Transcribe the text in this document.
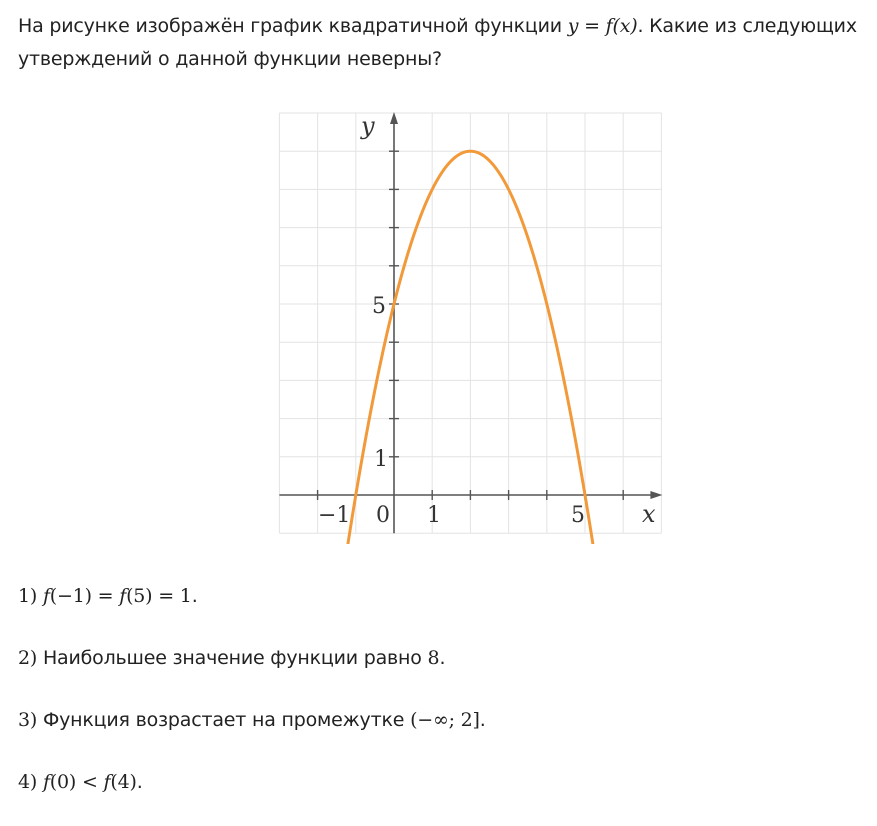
На рисунке изображён график квадратичной функции y = f(x). Какие из следующих утверждений о данной функции неверны?
y
x
−1 0 1	5
5
1
1) f(−1) = f(5) = 1.
2) Наибольшее значение функции равно 8.
3) Функция возрастает на промежутке (−∞; 2].
4) f(0) < f(4).
